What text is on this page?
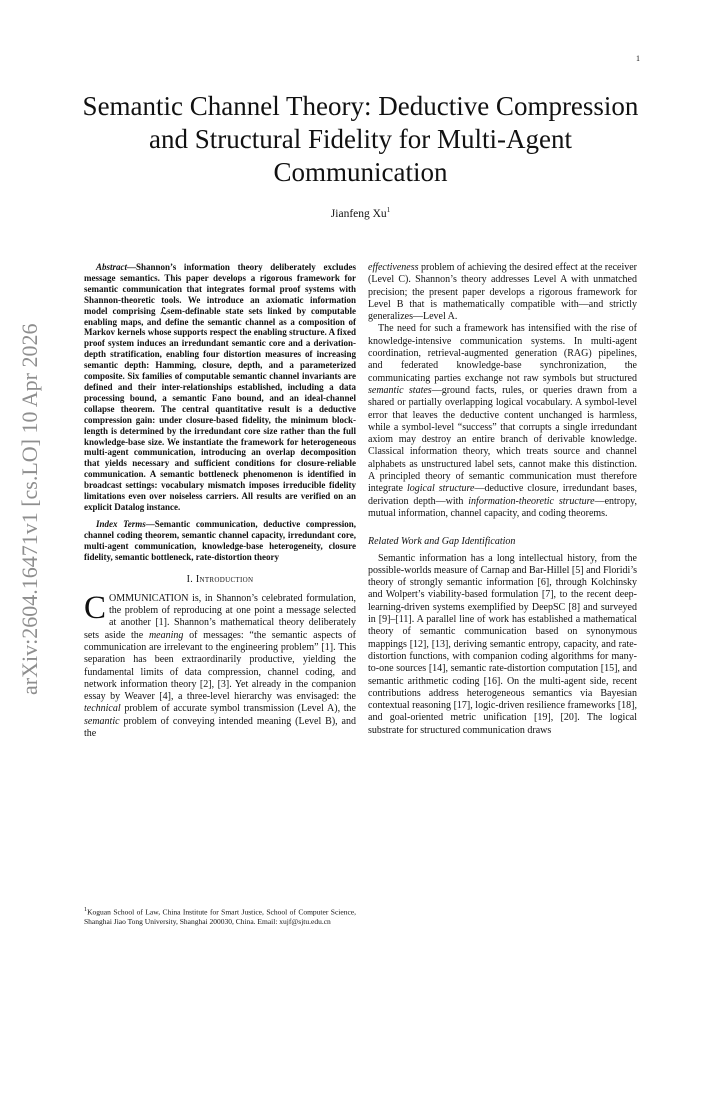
1
arXiv:2604.16471v1 [cs.LO] 10 Apr 2026
Semantic Channel Theory: Deductive Compression and Structural Fidelity for Multi-Agent Communication
Jianfeng Xu$^1$

Abstract—Shannon’s information theory deliberately excludes message semantics. This paper develops a rigorous framework for semantic communication that integrates formal proof systems with Shannon-theoretic tools. We introduce an axiomatic information model comprising ℒsem-definable state sets linked by computable enabling maps, and define the semantic channel as a composition of Markov kernels whose supports respect the enabling structure. A fixed proof system induces an irredundant semantic core and a derivation-depth stratification, enabling four distortion measures of increasing semantic depth: Hamming, closure, depth, and a parameterized composite. Six families of computable semantic channel invariants are defined and their inter-relationships established, including a data processing bound, a semantic Fano bound, and an ideal-channel collapse theorem. The central quantitative result is a deductive compression gain: under closure-based fidelity, the minimum block-length is determined by the irredundant core size rather than the full knowledge-base size. We instantiate the framework for heterogeneous multi-agent communication, introducing an overlap decomposition that yields necessary and sufficient conditions for closure-reliable communication. A semantic bottleneck phenomenon is identified in broadcast settings: vocabulary mismatch imposes irreducible fidelity limitations even over noiseless carriers. All results are verified on an explicit Datalog instance.

Index Terms—Semantic communication, deductive compression, channel coding theorem, semantic channel capacity, irredundant core, multi-agent communication, knowledge-base heterogeneity, closure fidelity, semantic bottleneck, rate-distortion theory

I. Introduction

COMMUNICATION is, in Shannon’s celebrated formulation, the problem of reproducing at one point a message selected at another [1]. Shannon’s mathematical theory deliberately sets aside the meaning of messages: “the semantic aspects of communication are irrelevant to the engineering problem” [1]. This separation has been extraordinarily productive, yielding the fundamental limits of data compression, channel coding, and network information theory [2], [3]. Yet already in the companion essay by Weaver [4], a three-level hierarchy was envisaged: the technical problem of accurate symbol transmission (Level A), the semantic problem of conveying intended meaning (Level B), and the

effectiveness problem of achieving the desired effect at the receiver (Level C). Shannon’s theory addresses Level A with unmatched precision; the present paper develops a rigorous framework for Level B that is mathematically compatible with—and strictly generalizes—Level A.

The need for such a framework has intensified with the rise of knowledge-intensive communication systems. In multi-agent coordination, retrieval-augmented generation (RAG) pipelines, and federated knowledge-base synchronization, the communicating parties exchange not raw symbols but structured semantic states—ground facts, rules, or queries drawn from a shared or partially overlapping logical vocabulary. A symbol-level error that leaves the deductive content unchanged is harmless, while a symbol-level “success” that corrupts a single irredundant axiom may destroy an entire branch of derivable knowledge. Classical information theory, which treats source and channel alphabets as unstructured label sets, cannot make this distinction. A principled theory of semantic communication must therefore integrate logical structure—deductive closure, irredundant bases, derivation depth—with information-theoretic structure—entropy, mutual information, channel capacity, and coding theorems.

Related Work and Gap Identification

Semantic information has a long intellectual history, from the possible-worlds measure of Carnap and Bar-Hillel [5] and Floridi’s theory of strongly semantic information [6], through Kolchinsky and Wolpert’s viability-based formulation [7], to the recent deep-learning-driven systems exemplified by DeepSC [8] and surveyed in [9]–[11]. A parallel line of work has established a mathematical theory of semantic communication based on synonymous mappings [12], [13], deriving semantic entropy, capacity, and rate-distortion functions, with companion coding algorithms for many-to-one sources [14], semantic rate-distortion computation [15], and semantic arithmetic coding [16]. On the multi-agent side, recent contributions address heterogeneous semantics via Bayesian contextual reasoning [17], logic-driven resilience frameworks [18], and goal-oriented metric unification [19], [20]. The logical substrate for structured communication draws

$^1$Koguan School of Law, China Institute for Smart Justice, School of Computer Science, Shanghai Jiao Tong University, Shanghai 200030, China. Email: xujf@sjtu.edu.cn
